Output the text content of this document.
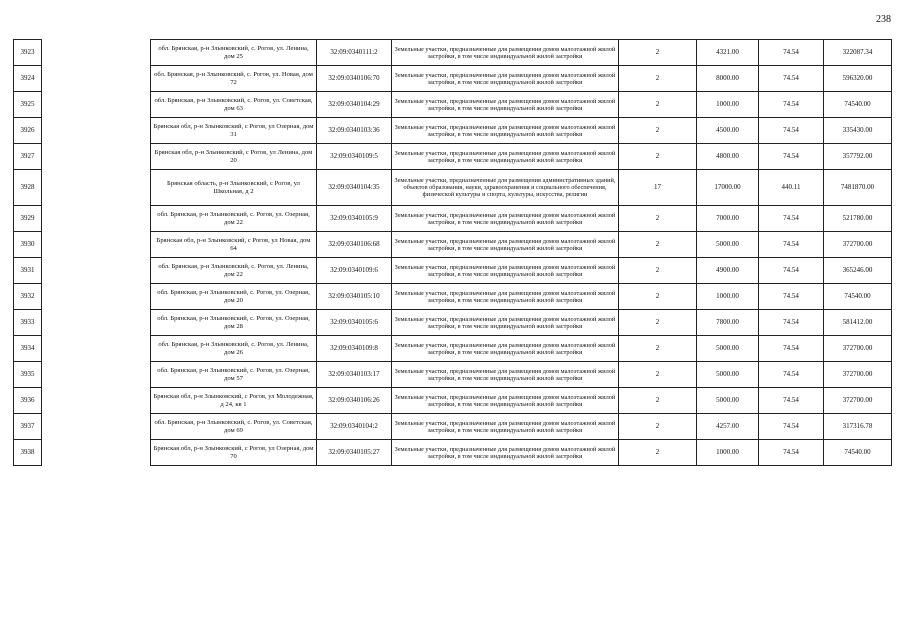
238
3923		обл. Брянская, р-н Злынковский, с. Рогов, ул. Ленина, дом 25	32:09:0340111:2	Земельные участки, предназначенные для размещения домов малоэтажной жилой застройки, в том числе индивидуальной жилой застройки	2	4321.00	74.54	322087.34
3924		обл. Брянская, р-н Злынковский, с. Рогов, ул. Новая, дом 72	32:09:0340106:70	Земельные участки, предназначенные для размещения домов малоэтажной жилой застройки, в том числе индивидуальной жилой застройки	2	8000.00	74.54	596320.00
3925		обл. Брянская, р-н Злынковский, с. Рогов, ул. Советская, дом 63	32:09:0340104:29	Земельные участки, предназначенные для размещения домов малоэтажной жилой застройки, в том числе индивидуальной жилой застройки	2	1000.00	74.54	74540.00
3926		Брянская обл, р-н Злынковский, с Рогов, ул Озерная, дом 31	32:09:0340103:36	Земельные участки, предназначенные для размещения домов малоэтажной жилой застройки, в том числе индивидуальной жилой застройки	2	4500.00	74.54	335430.00
3927		Брянская обл, р-н Злынковский, с Рогов, ул Ленина, дом 20	32:09:0340109:5	Земельные участки, предназначенные для размещения домов малоэтажной жилой застройки, в том числе индивидуальной жилой застройки	2	4800.00	74.54	357792.00
3928		Брянская область, р-н Злынковский, с Рогов, ул Школьная, д 2	32:09:0340104:35	Земельные участки, предназначенные для размещения административных зданий, объектов образования, науки, здравоохранения и социального обеспечения, физической культуры и спорта, культуры, искусства, религии	17	17000.00	440.11	7481870.00
3929		обл. Брянская, р-н Злынковский, с. Рогов, ул. Озерная, дом 22	32:09:0340105:9	Земельные участки, предназначенные для размещения домов малоэтажной жилой застройки, в том числе индивидуальной жилой застройки	2	7000.00	74.54	521780.00
3930		Брянская обл, р-н Злынковский, с Рогов, ул Новая, дом 64	32:09:0340106:68	Земельные участки, предназначенные для размещения домов малоэтажной жилой застройки, в том числе индивидуальной жилой застройки	2	5000.00	74.54	372700.00
3931		обл. Брянская, р-н Злынковский, с. Рогов, ул. Ленина, дом 22	32:09:0340109:6	Земельные участки, предназначенные для размещения домов малоэтажной жилой застройки, в том числе индивидуальной жилой застройки	2	4900.00	74.54	365246.00
3932		обл. Брянская, р-н Злынковский, с. Рогов, ул. Озерная, дом 20	32:09:0340105:10	Земельные участки, предназначенные для размещения домов малоэтажной жилой застройки, в том числе индивидуальной жилой застройки	2	1000.00	74.54	74540.00
3933		обл. Брянская, р-н Злынковский, с. Рогов, ул. Озерная, дом 28	32:09:0340105:6	Земельные участки, предназначенные для размещения домов малоэтажной жилой застройки, в том числе индивидуальной жилой застройки	2	7800.00	74.54	581412.00
3934		обл. Брянская, р-н Злынковский, с. Рогов, ул. Ленина, дом 26	32:09:0340109:8	Земельные участки, предназначенные для размещения домов малоэтажной жилой застройки, в том числе индивидуальной жилой застройки	2	5000.00	74.54	372700.00
3935		обл. Брянская, р-н Злынковский, с. Рогов, ул. Озерная, дом 57	32:09:0340103:17	Земельные участки, предназначенные для размещения домов малоэтажной жилой застройки, в том числе индивидуальной жилой застройки	2	5000.00	74.54	372700.00
3936		Брянская обл, р-н Злынковский, с Рогов, ул Молодежная, д 24, кв 1	32:09:0340106:26	Земельные участки, предназначенные для размещения домов малоэтажной жилой застройки, в том числе индивидуальной жилой застройки	2	5000.00	74.54	372700.00
3937		обл. Брянская, р-н Злынковский, с. Рогов, ул. Советская, дом 69	32:09:0340104:2	Земельные участки, предназначенные для размещения домов малоэтажной жилой застройки, в том числе индивидуальной жилой застройки	2	4257.00	74.54	317316.78
3938		Брянская обл, р-н Злынковский, с Рогов, ул Озерная, дом 70	32:09:0340105:27	Земельные участки, предназначенные для размещения домов малоэтажной жилой застройки, в том числе индивидуальной жилой застройки	2	1000.00	74.54	74540.00
